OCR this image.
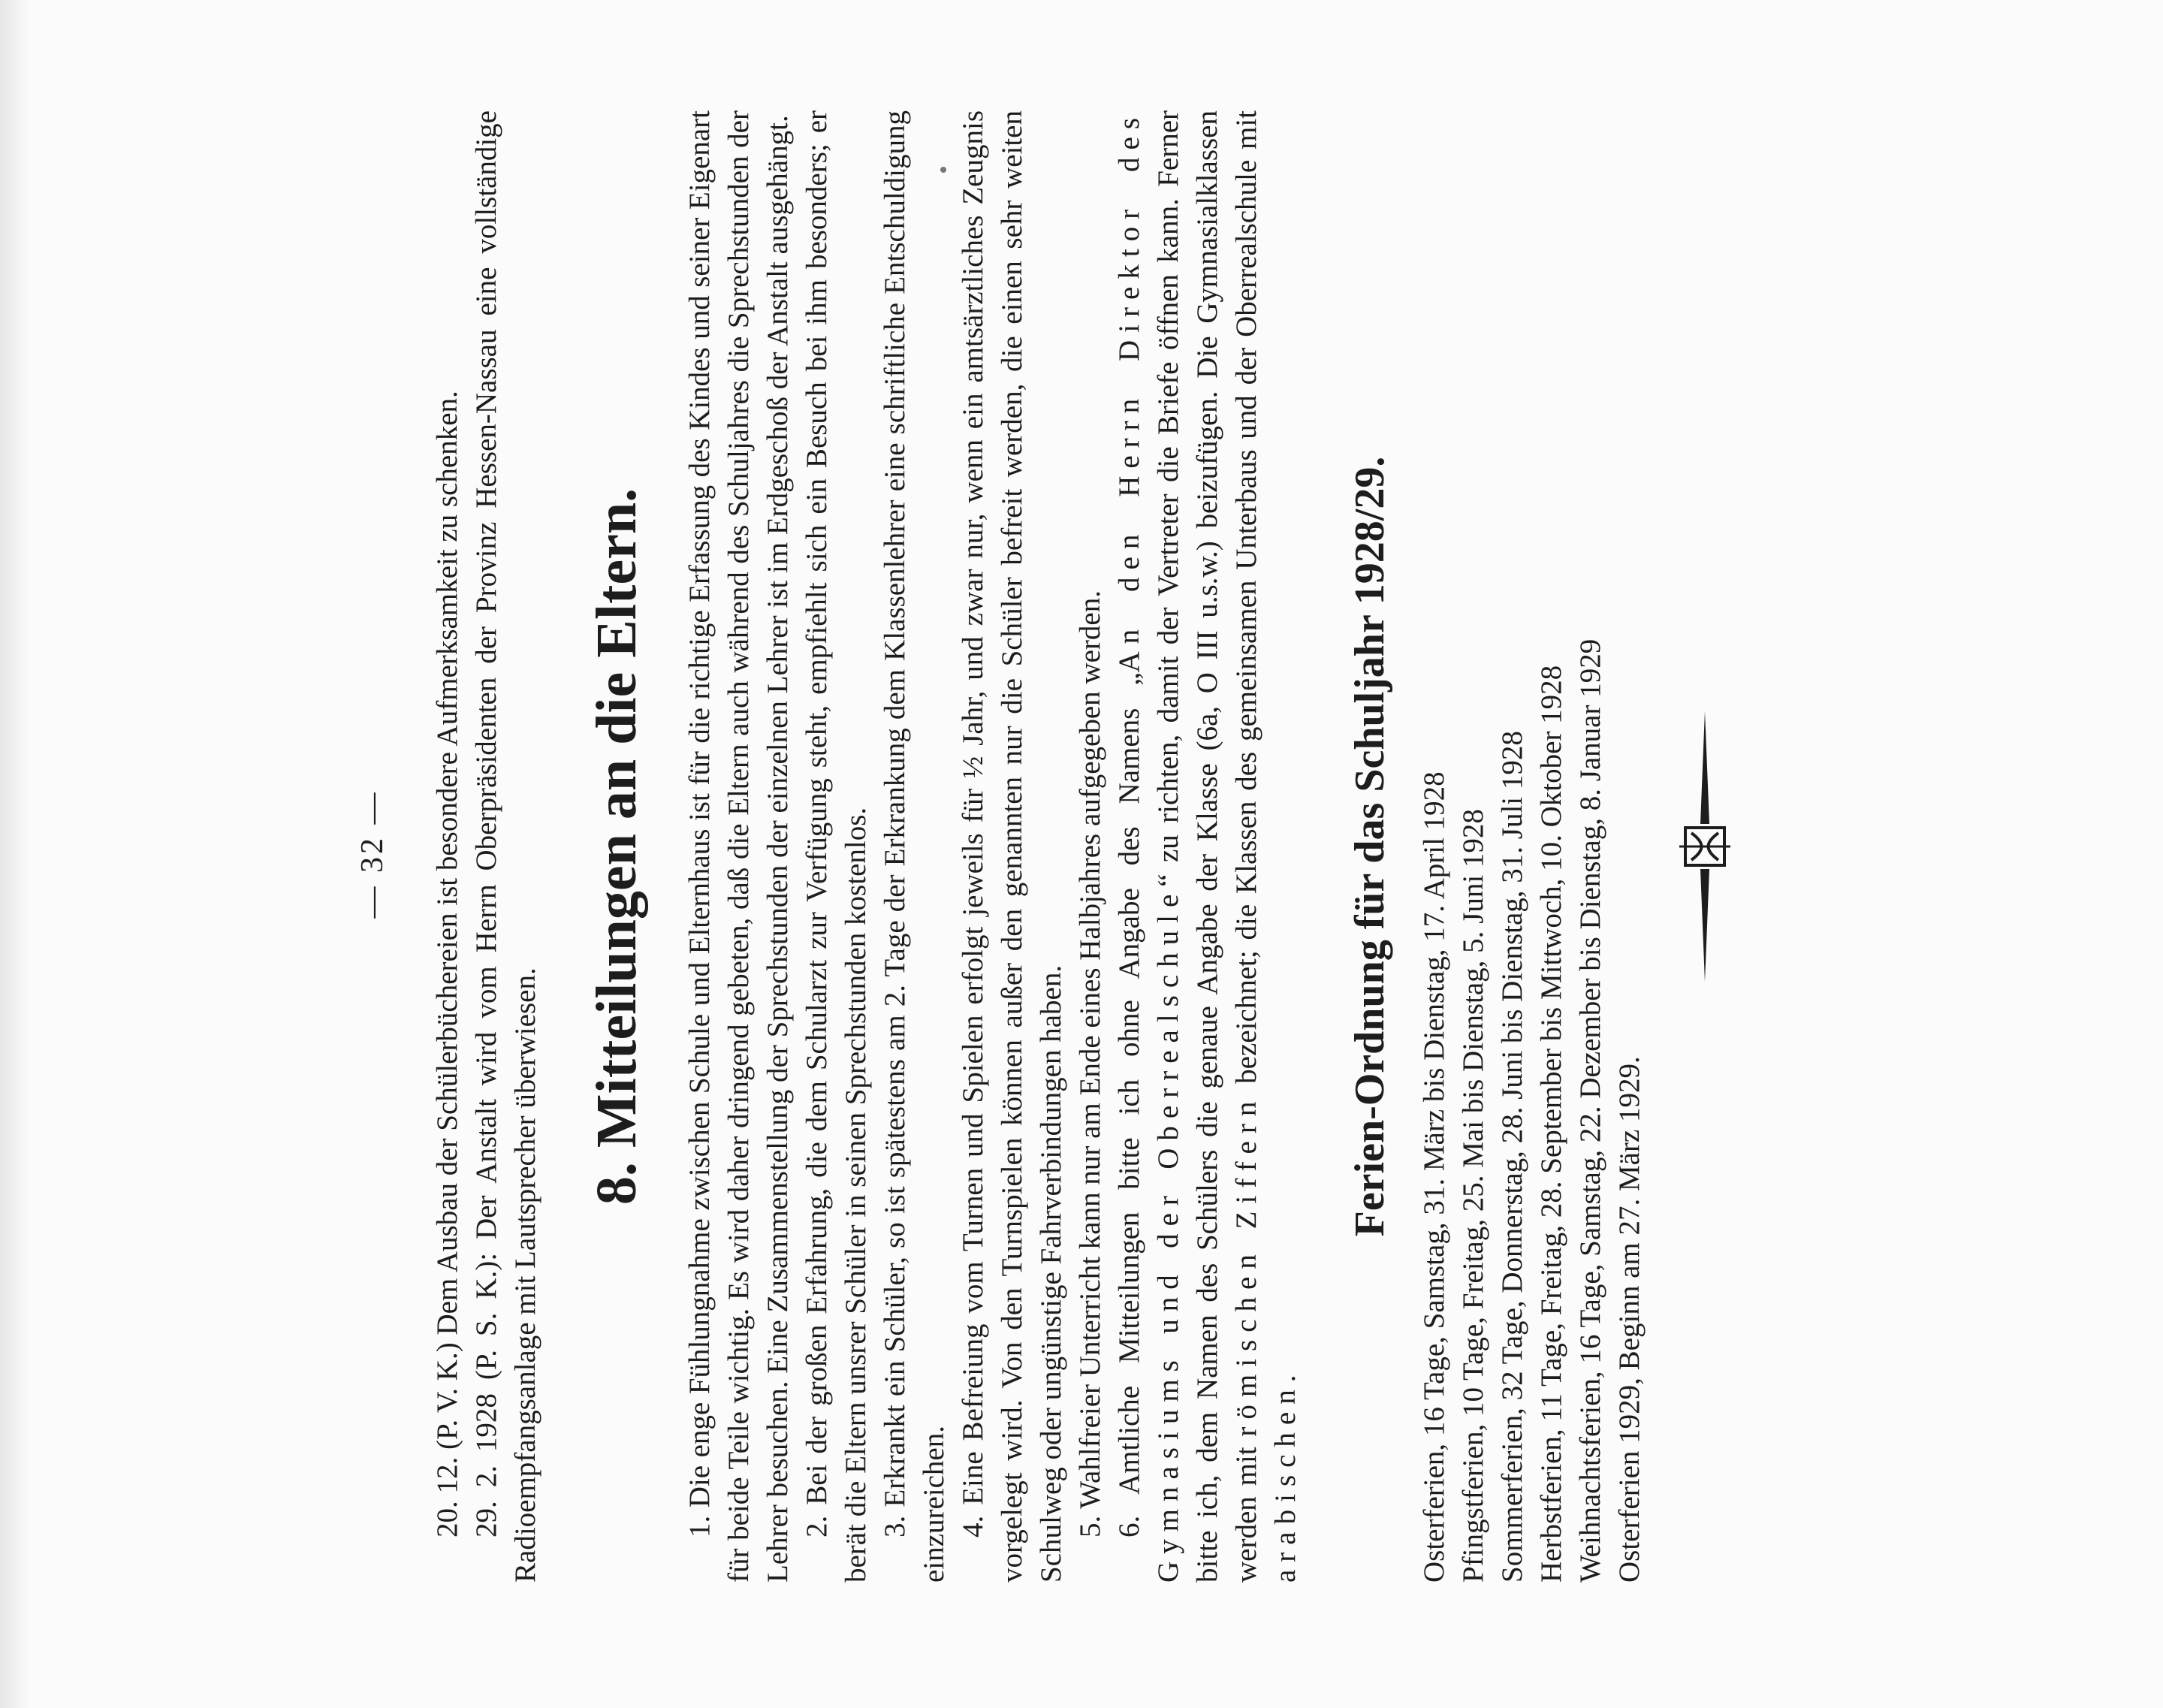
— 32 — 20. 12. (P. V. K.) Dem Ausbau der Schülerbüchereien ist besondere Aufmerksamkeit zu schenken. 29. 2. 1928 (P. S. K.): Der Anstalt wird vom Herrn Oberpräsidenten der Provinz Hessen-Nassau eine vollständige Radioempfangsanlage mit Lautsprecher überwiesen.

8. Mitteilungen an die Eltern.	1. Die enge Fühlungnahme zwischen Schule und Elternhaus ist für die richtige Erfassung des Kindes und seiner Eigenart für beide Teile wichtig. Es wird daher dringend gebeten, daß die Eltern auch während des Schuljahres die Sprechstunden der Lehrer besuchen. Eine Zusammenstellung der Sprechstunden der einzelnen Lehrer ist im Erdgeschoß der Anstalt ausgehängt. 2. Bei der großen Erfahrung, die dem Schularzt zur Verfügung steht, empfiehlt sich ein Besuch bei ihm besonders; er berät die Eltern unsrer Schüler in seinen Sprechstunden kostenlos. 3. Erkrankt ein Schüler, so ist spätestens am 2. Tage der Erkrankung dem Klassenlehrer eine schriftliche Entschuldigung einzureichen. 4. Eine Befreiung vom Turnen und Spielen erfolgt jeweils für ½ Jahr, und zwar nur, wenn ein amtsärztliches Zeugnis vorgelegt wird. Von den Turnspielen können außer den genannten nur die Schüler befreit werden, die einen sehr weiten Schulweg oder ungünstige Fahrverbindungen haben. 5. Wahlfreier Unterricht kann nur am Ende eines Halbjahres aufgegeben werden. 6. Amtliche Mitteilungen bitte ich ohne Angabe des Namens „An den Herrn Direktor des Gymnasiums und der Oberrealschule“ zu richten, damit der Vertreter die Briefe öffnen kann. Ferner bitte ich, dem Namen des Schülers die genaue Angabe der Klasse (6a, O III u.s.w.) beizufügen. Die Gymnasialklassen werden mit römischen Ziffern bezeichnet; die Klassen des gemeinsamen Unterbaus und der Oberrealschule mit arabischen.

Ferien-Ordnung für das Schuljahr 1928/29. Osterferien, 16 Tage, Samstag, 31. März bis Dienstag, 17. April 1928 Pfingstferien, 10 Tage, Freitag, 25. Mai bis Dienstag, 5. Juni 1928 Sommerferien, 32 Tage, Donnerstag, 28. Juni bis Dienstag, 31. Juli 1928 Herbstferien, 11 Tage, Freitag, 28. September bis Mittwoch, 10. Oktober 1928 Weihnachtsferien, 16 Tage, Samstag, 22. Dezember bis Dienstag, 8. Januar 1929 Osterferien 1929, Beginn am 27. März 1929.
